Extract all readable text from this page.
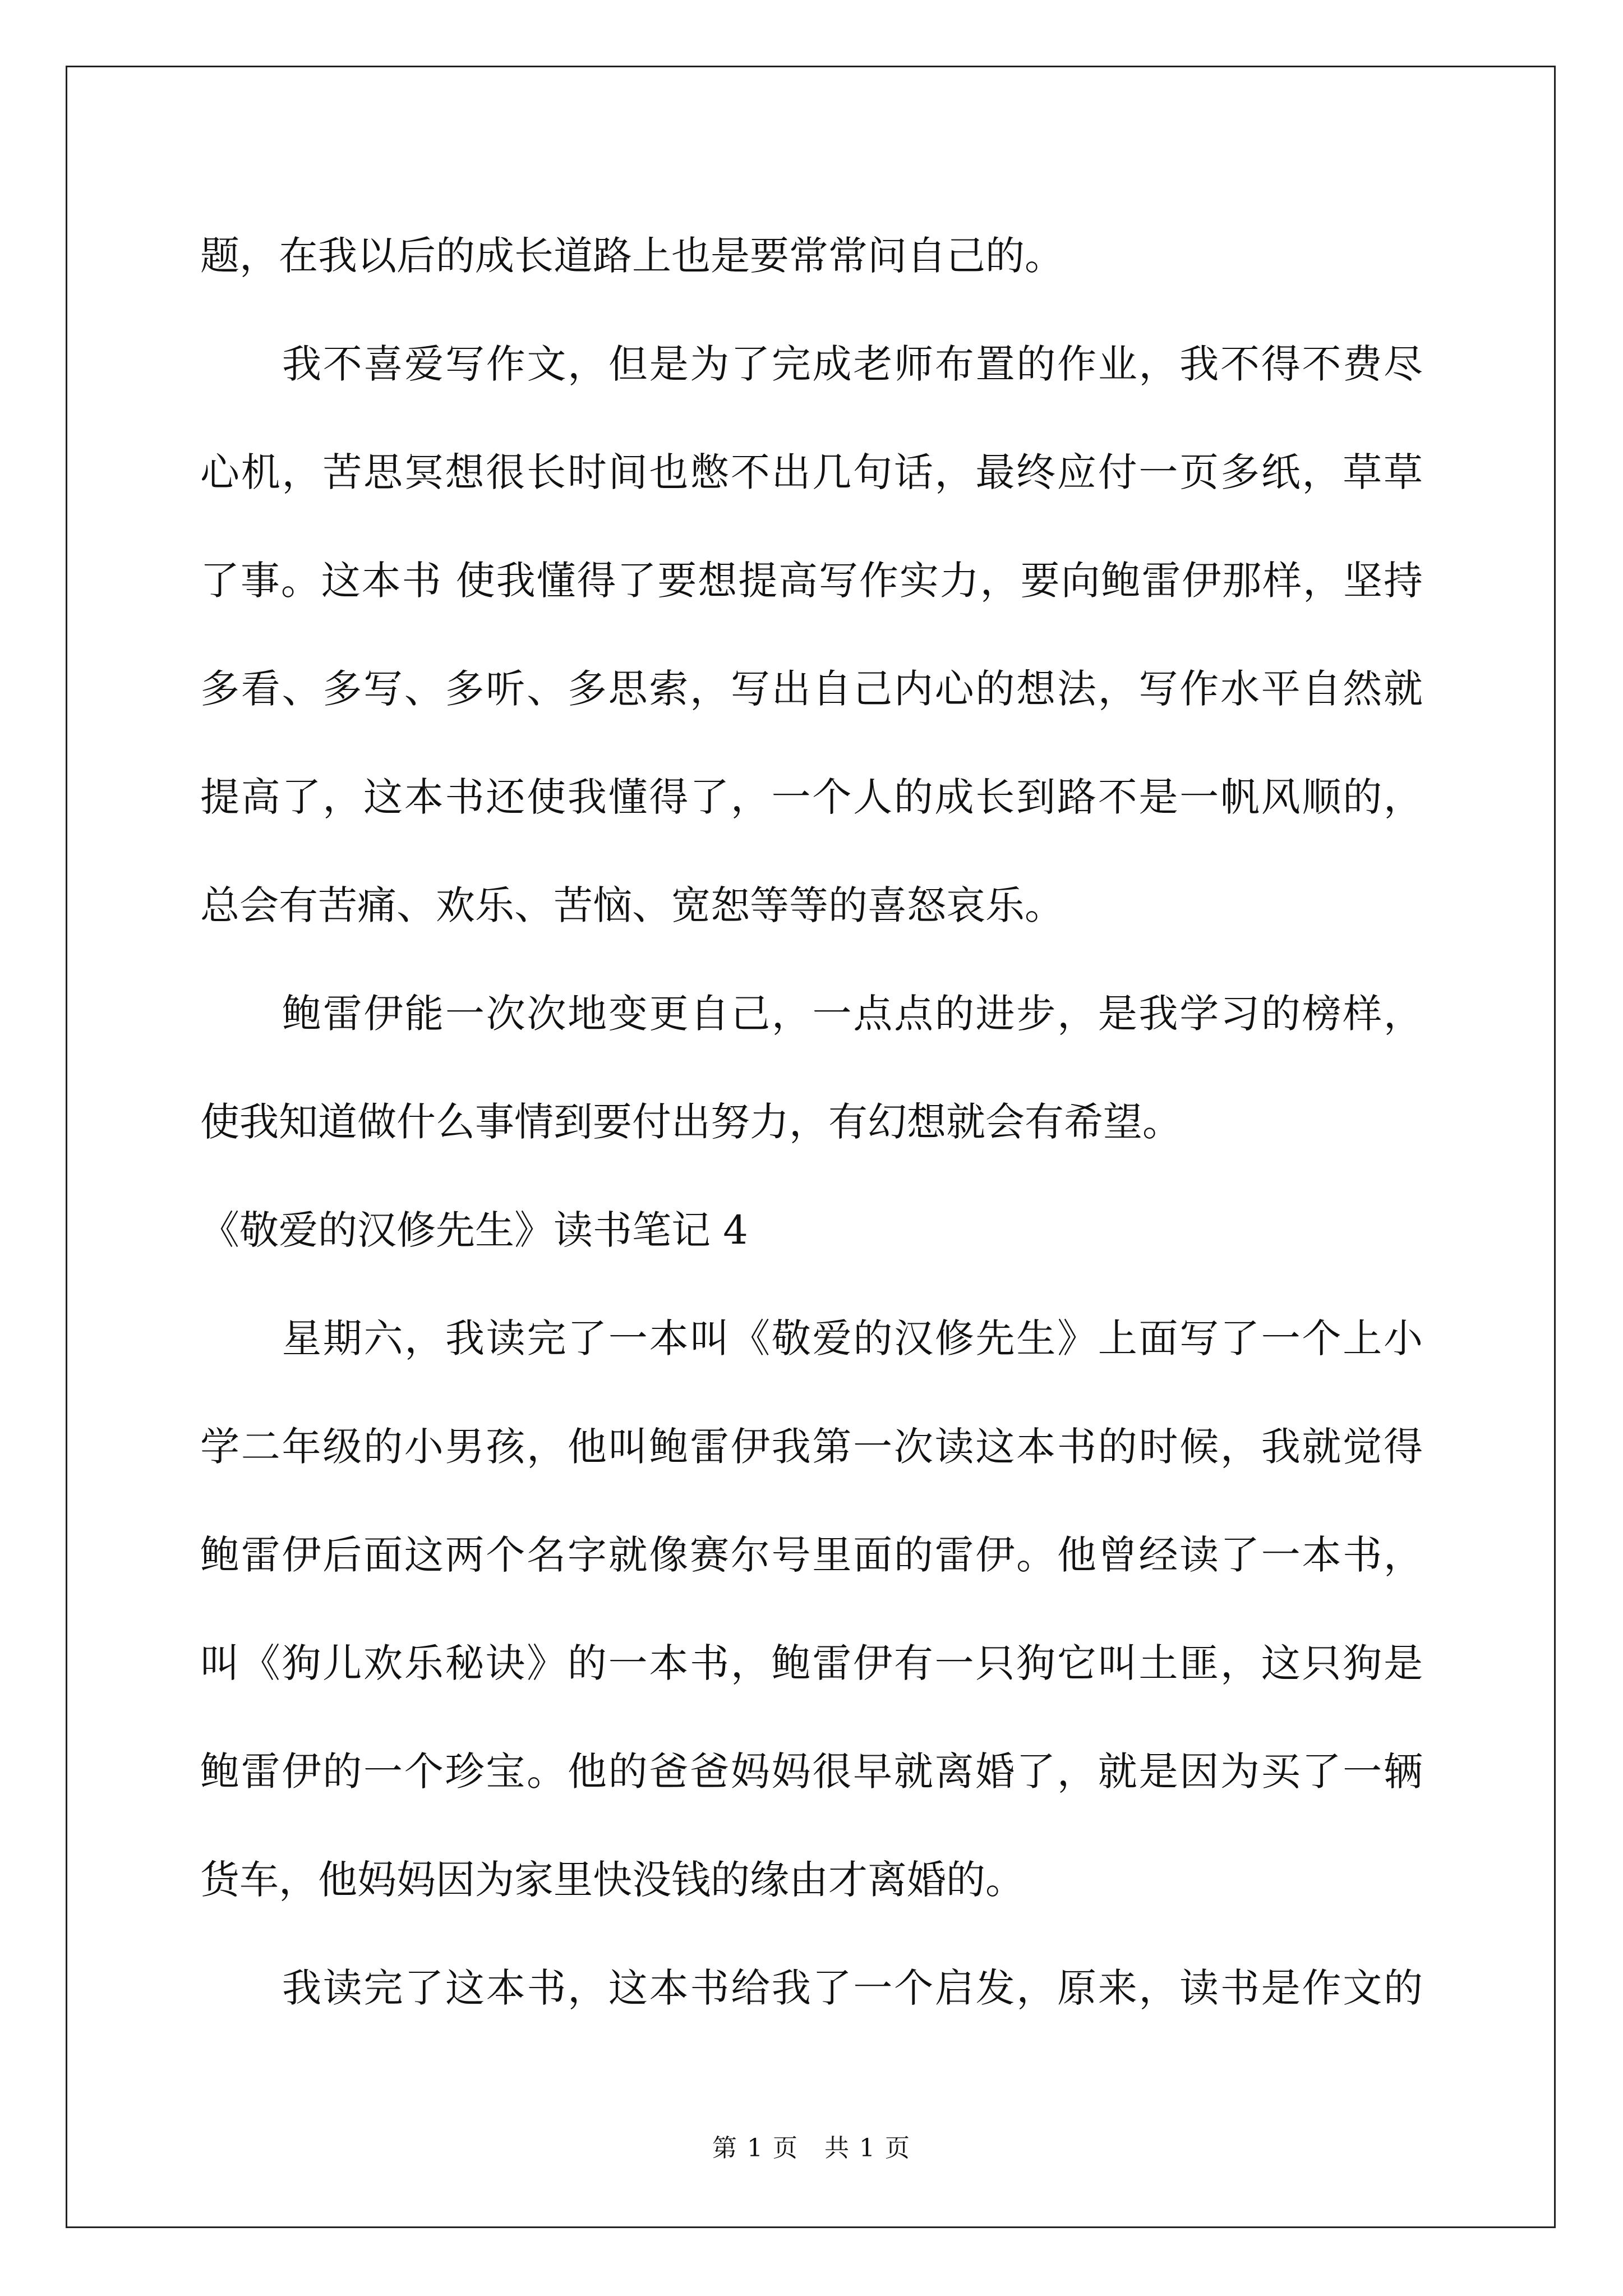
题，在我以后的成长道路上也是要常常问自己的。
我不喜爱写作文，但是为了完成老师布置的作业，我不得不费尽
心机，苦思冥想很长时间也憋不出几句话，最终应付一页多纸，草草
了事。这本书 使我懂得了要想提高写作实力，要向鲍雷伊那样，坚持
多看、多写、多听、多思索，写出自己内心的想法，写作水平自然就
提高了，这本书还使我懂得了，一个人的成长到路不是一帆风顺的，
总会有苦痛、欢乐、苦恼、宽恕等等的喜怒哀乐。
鲍雷伊能一次次地变更自己，一点点的进步，是我学习的榜样，
使我知道做什么事情到要付出努力，有幻想就会有希望。
《敬爱的汉修先生》读书笔记 4
星期六，我读完了一本叫《敬爱的汉修先生》上面写了一个上小
学二年级的小男孩，他叫鲍雷伊我第一次读这本书的时候，我就觉得
鲍雷伊后面这两个名字就像赛尔号里面的雷伊。他曾经读了一本书，
叫《狗儿欢乐秘诀》的一本书，鲍雷伊有一只狗它叫土匪，这只狗是
鲍雷伊的一个珍宝。他的爸爸妈妈很早就离婚了，就是因为买了一辆
货车，他妈妈因为家里快没钱的缘由才离婚的。
我读完了这本书，这本书给我了一个启发，原来，读书是作文的
第 1 页　共 1 页
